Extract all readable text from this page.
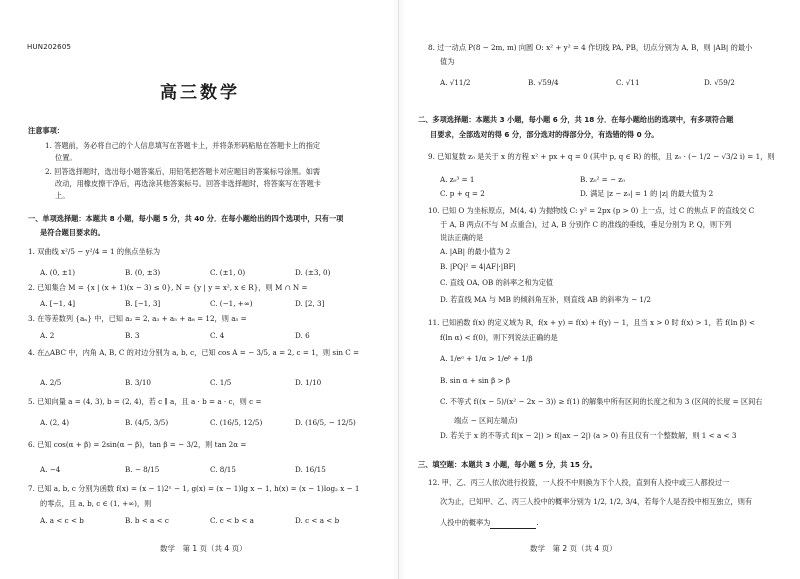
HUN202605
高三数学
注意事项：
1. 答题前，务必将自己的个人信息填写在答题卡上，并将条形码粘贴在答题卡上的指定
位置。
2. 回答选择题时，选出每小题答案后，用铅笔把答题卡对应题目的答案标号涂黑。如需
改动，用橡皮擦干净后，再选涂其他答案标号。回答非选择题时，将答案写在答题卡
上。
一、单项选择题：本题共 8 小题，每小题 5 分，共 40 分．在每小题给出的四个选项中，只有一项
是符合题目要求的。
1. 双曲线 x²/5 − y²/4 = 1 的焦点坐标为
A. (0, ±1)	B. (0, ±3)	C. (±1, 0)	D. (±3, 0)
2. 已知集合 M = {x | (x + 1)(x − 3) ≤ 0}, N = {y | y = x², x ∈ R}，则 M ∩ N =
A. [−1, 4]	B. [−1, 3]	C. (−1, +∞)	D. [2, 3]
3. 在等差数列 {aₙ} 中，已知 a₂ = 2, a₃ + a₅ + a₈ = 12，则 a₅ =
A. 2	B. 3	C. 4	D. 6
4. 在△ABC 中，内角 A, B, C 的对边分别为 a, b, c，已知 cos A = − 3/5, a = 2, c = 1，则 sin C =
A. 2/5	B. 3/10	C. 1/5	D. 1/10
5. 已知向量 a = (4, 3), b = (2, 4)，若 c ∥ a，且 a · b = a · c，则 c =
A. (2, 4)	B. (4/5, 3/5)	C. (16/5, 12/5)	D. (16/5, − 12/5)
6. 已知 cos(α + β) = 2sin(α − β)，tan β = − 3/2，则 tan 2α =
A. −4	B. − 8/15	C. 8/15	D. 16/15
7. 已知 a, b, c 分别为函数 f(x) = (x − 1)2ˣ − 1, g(x) = (x − 1)lg x − 1, h(x) = (x − 1)log₂ x − 1
的零点，且 a, b, c ∈ (1, +∞)，则
A. a < c < b	B. b < a < c	C. c < b < a	D. c < a < b
数学　第 1 页（共 4 页）
8. 过一动点 P(8 − 2m, m) 向圆 O: x² + y² = 4 作切线 PA, PB，切点分别为 A, B，则 |AB| 的最小
值为
A. √11/2	B. √59/4	C. √11	D. √59/2
二、多项选择题：本题共 3 小题，每小题 6 分，共 18 分．在每小题给出的选项中，有多项符合题
目要求，全部选对的得 6 分，部分选对的得部分分，有选错的得 0 分。
9. 已知复数 z₀ 是关于 x 的方程 x² + px + q = 0 (其中 p, q ∈ R) 的根，且 z₀ · (− 1/2 − √3/2 i) = 1，则
A. z₀³ = 1	B. z₀² = − z₀
C. p + q = 2	D. 满足 |z − z₀| = 1 的 |z| 的最大值为 2
10. 已知 O 为坐标原点，M(4, 4) 为抛物线 C: y² = 2px (p > 0) 上一点，过 C 的焦点 F 的直线交 C
于 A, B 两点(不与 M 点重合)，过 A, B 分别作 C 的准线的垂线，垂足分别为 P, Q，则下列
说法正确的是
A. |AB| 的最小值为 2
B. |PQ|² = 4|AF|·|BF|
C. 直线 OA, OB 的斜率之和为定值
D. 若直线 MA 与 MB 的倾斜角互补，则直线 AB 的斜率为 − 1/2
11. 已知函数 f(x) 的定义域为 R，f(x + y) = f(x) + f(y) − 1，且当 x > 0 时 f(x) > 1，若 f(ln β) <
f(ln α) < f(0)，则下列说法正确的是
A. 1/eᵅ + 1/α > 1/eᵝ + 1/β
B. sin α + sin β > β
C. 不等式 f((x − 5)/(x² − 2x − 3)) ≥ f(1) 的解集中所有区间的长度之和为 3 (区间的长度 = 区间右
端点 − 区间左端点)
D. 若关于 x 的不等式 f(|x − 2|) > f(|ax − 2|) (a > 0) 有且仅有一个整数解，则 1 < a < 3
三、填空题：本题共 3 小题，每小题 5 分，共 15 分。
12. 甲、乙、丙三人依次进行投篮，一人投不中则换为下个人投，直到有人投中或三人都投过一
次为止，已知甲、乙、丙三人投中的概率分别为 1/2, 1/2, 3/4，若每个人是否投中相互独立，则有
人投中的概率为	.
数学　第 2 页（共 4 页）
